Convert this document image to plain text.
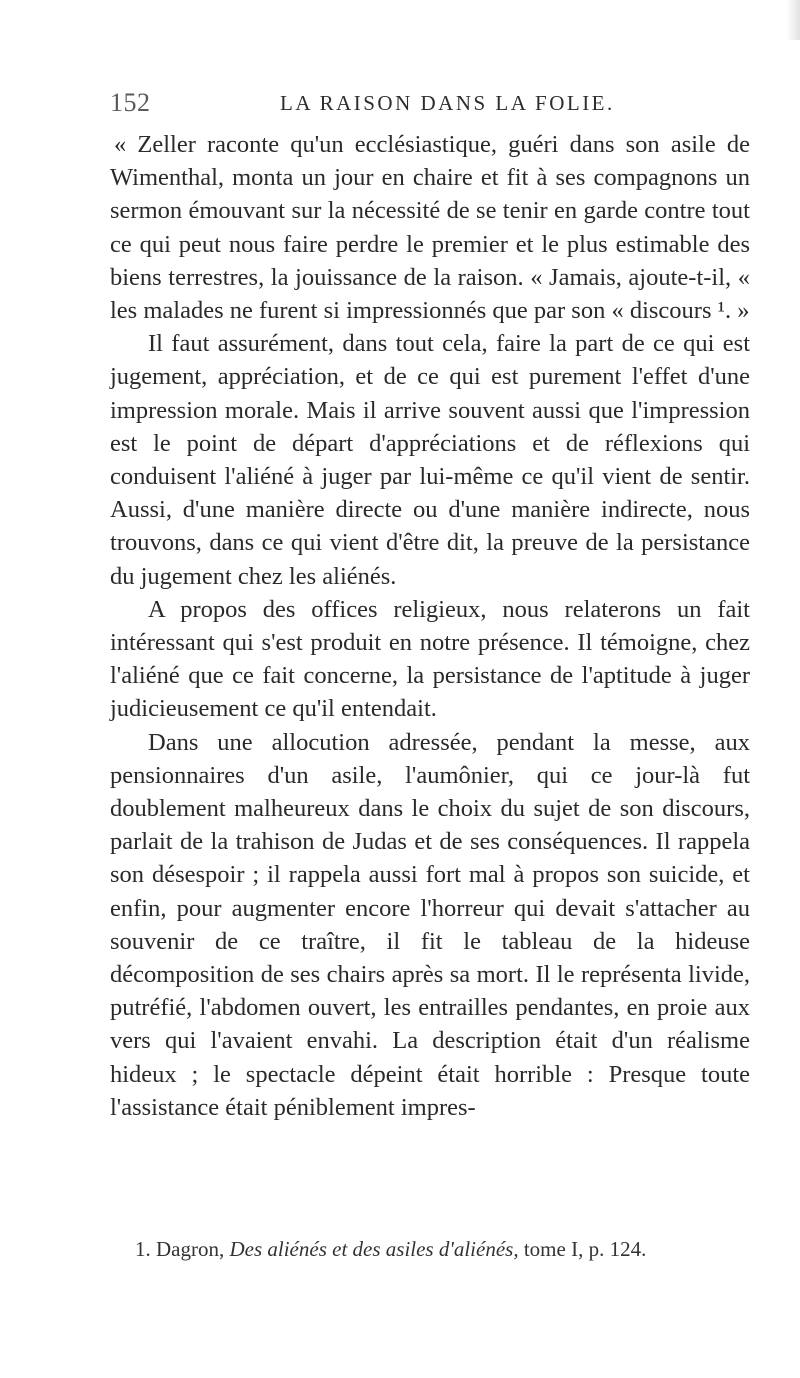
152	LA RAISON DANS LA FOLIE.

« Zeller raconte qu'un ecclésiastique, guéri dans son asile de Wimenthal, monta un jour en chaire et fit à ses compagnons un sermon émouvant sur la nécessité de se tenir en garde contre tout ce qui peut nous faire perdre le premier et le plus estimable des biens terrestres, la jouissance de la raison. « Jamais, ajoute-t-il, « les malades ne furent si impressionnés que par son « discours ¹. »

Il faut assurément, dans tout cela, faire la part de ce qui est jugement, appréciation, et de ce qui est purement l'effet d'une impression morale. Mais il arrive souvent aussi que l'impression est le point de départ d'appréciations et de réflexions qui conduisent l'aliéné à juger par lui-même ce qu'il vient de sentir. Aussi, d'une manière directe ou d'une manière indirecte, nous trouvons, dans ce qui vient d'être dit, la preuve de la persistance du jugement chez les aliénés.

A propos des offices religieux, nous relaterons un fait intéressant qui s'est produit en notre présence. Il témoigne, chez l'aliéné que ce fait concerne, la persistance de l'aptitude à juger judicieusement ce qu'il entendait.

Dans une allocution adressée, pendant la messe, aux pensionnaires d'un asile, l'aumônier, qui ce jour-là fut doublement malheureux dans le choix du sujet de son discours, parlait de la trahison de Judas et de ses conséquences. Il rappela son désespoir ; il rappela aussi fort mal à propos son suicide, et enfin, pour augmenter encore l'horreur qui devait s'attacher au souvenir de ce traître, il fit le tableau de la hideuse décomposition de ses chairs après sa mort. Il le représenta livide, putréfié, l'abdomen ouvert, les entrailles pendantes, en proie aux vers qui l'avaient envahi. La description était d'un réalisme hideux ; le spectacle dépeint était horrible : Presque toute l'assistance était péniblement impres-

1. Dagron, Des aliénés et des asiles d'aliénés, tome I, p. 124.
